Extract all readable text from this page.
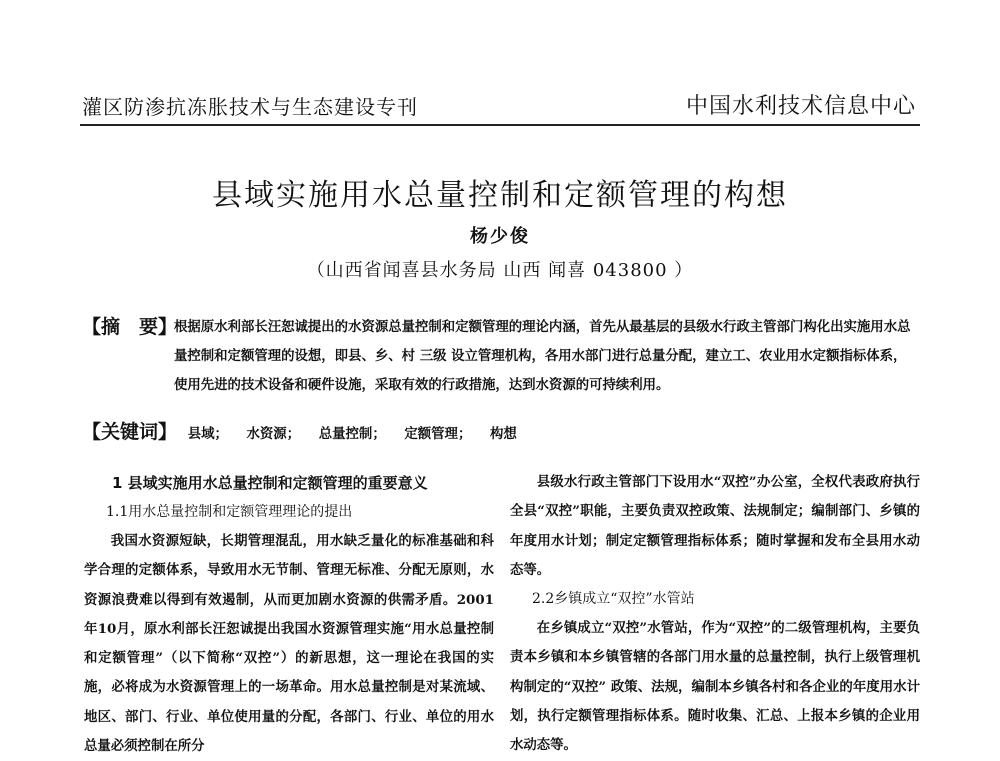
灌区防渗抗冻胀技术与生态建设专刊	中国水利技术信息中心
县域实施用水总量控制和定额管理的构想
杨少俊
（山西省闻喜县水务局 山西 闻喜 043800 ）
【摘　要】
根据原水利部长汪恕诚提出的水资源总量控制和定额管理的理论内涵，首先从最基层的县级水行政主管部门构化出实施用水总量控制和定额管理的设想，即县、乡、村 三级 设立管理机构，各用水部门进行总量分配，建立工、农业用水定额指标体系，使用先进的技术设备和硬件设施，采取有效的行政措施，达到水资源的可持续利用。
【关键词】 县域； 水资源； 总量控制； 定额管理； 构想
1 县域实施用水总量控制和定额管理的重要意义
1.1用水总量控制和定额管理理论的提出

我国水资源短缺，长期管理混乱，用水缺乏量化的标准基础和科学合理的定额体系，导致用水无节制、管理无标准、分配无原则，水资源浪费难以得到有效遏制，从而更加剧水资源的供需矛盾。2001年10月，原水利部长汪恕诚提出我国水资源管理实施“用水总量控制和定额管理”（以下简称“双控”）的新思想，这一理论在我国的实施，必将成为水资源管理上的一场革命。用水总量控制是对某流域、地区、部门、行业、单位使用量的分配，各部门、行业、单位的用水总量必须控制在所分

县级水行政主管部门下设用水“双控”办公室，全权代表政府执行全县“双控”职能，主要负责双控政策、法规制定；编制部门、乡镇的年度用水计划；制定定额管理指标体系；随时掌握和发布全县用水动态等。

2.2乡镇成立“双控”水管站

在乡镇成立“双控”水管站，作为“双控”的二级管理机构，主要负责本乡镇和本乡镇管辖的各部门用水量的总量控制，执行上级管理机构制定的“双控” 政策、法规，编制本乡镇各村和各企业的年度用水计划，执行定额管理指标体系。随时收集、汇总、上报本乡镇的企业用水动态等。
